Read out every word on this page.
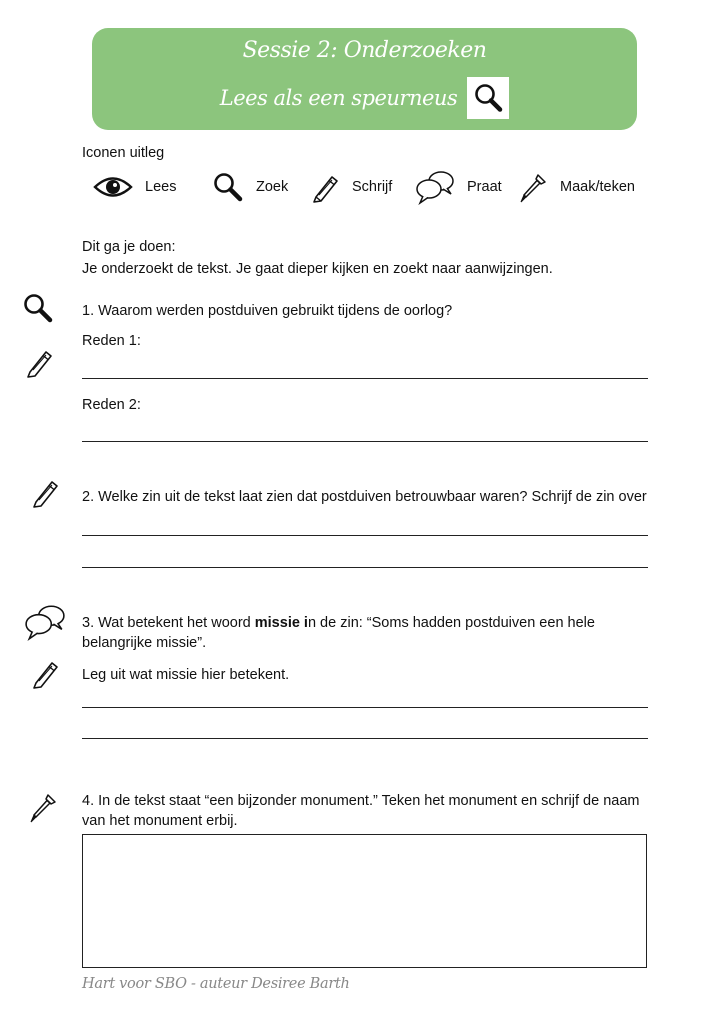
Sessie 2: Onderzoeken
Lees als een speurneus
Iconen uitleg
Lees	Zoek	Schrijf	Praat	Maak/teken
Dit ga je doen:
Je onderzoekt de tekst. Je gaat dieper kijken en zoekt naar aanwijzingen.
1. Waarom werden postduiven gebruikt tijdens de oorlog?
Reden 1:
Reden 2:
2. Welke zin uit de tekst laat zien dat postduiven betrouwbaar waren? Schrijf de zin over
3. Wat betekent het woord missie in de zin: “Soms hadden postduiven een hele belangrijke missie”.
Leg uit wat missie hier betekent.
4. In de tekst staat “een bijzonder monument.” Teken het monument en schrijf de naam van het monument erbij.
Hart voor SBO - auteur Desiree Barth
